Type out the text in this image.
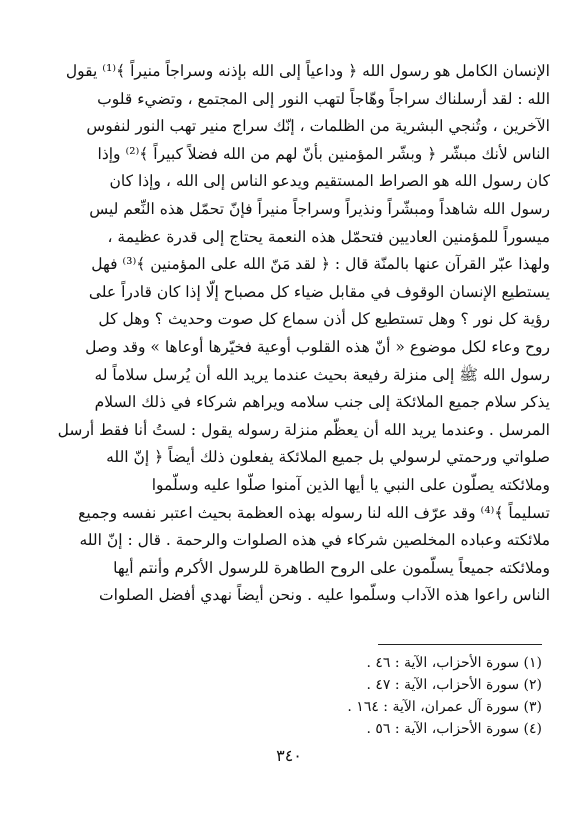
الإنسان الكامل هو رسول الله ﴿ وداعياً إلى الله بإذنه وسراجاً منيراً ﴾⁽¹⁾ يقول
الله : لقد أرسلناك سراجاً وهّاجاً لتهب النور إلى المجتمع ، وتضيء قلوب
الآخرين ، وتُنجي البشرية من الظلمات ، إنّك سراج منير تهب النور لنفوس
الناس لأنك مبشّر ﴿ وبشّر المؤمنين بأنّ لهم من الله فضلاً كبيراً ﴾⁽²⁾ وإذا
كان رسول الله هو الصراط المستقيم ويدعو الناس إلى الله ، وإذا كان
رسول الله شاهداً ومبشّراً ونذيراً وسراجاً منيراً فإنّ تحمّل هذه النِّعم ليس
ميسوراً للمؤمنين العاديين فتحمّل هذه النعمة يحتاج إلى قدرة عظيمة ،
ولهذا عبّر القرآن عنها بالمنّة قال : ﴿ لقد مَنّ الله على المؤمنين ﴾⁽³⁾ فهل
يستطيع الإنسان الوقوف في مقابل ضياء كل مصباح إلّا إذا كان قادراً على
رؤية كل نور ؟ وهل تستطيع كل أذن سماع كل صوت وحديث ؟ وهل كل
روح وعاء لكل موضوع « أنّ هذه القلوب أوعية فخيّرها أوعاها » وقد وصل
رسول الله ﷺ إلى منزلة رفيعة بحيث عندما يريد الله أن يُرسل سلاماً له
يذكر سلام جميع الملائكة إلى جنب سلامه ويراهم شركاء في ذلك السلام
المرسل . وعندما يريد الله أن يعظّم منزلة رسوله يقول : لستُ أنا فقط أرسل
صلواتي ورحمتي لرسولي بل جميع الملائكة يفعلون ذلك أيضاً ﴿ إنّ الله
وملائكته يصلّون على النبي يا أيها الذين آمنوا صلّوا عليه وسلّموا
تسليماً ﴾⁽⁴⁾ وقد عرّف الله لنا رسوله بهذه العظمة بحيث اعتبر نفسه وجميع
ملائكته وعباده المخلصين شركاء في هذه الصلوات والرحمة . قال : إنّ الله
وملائكته جميعاً يسلّمون على الروح الطاهرة للرسول الأكرم وأنتم أيها
الناس راعوا هذه الآداب وسلّموا عليه . ونحن أيضاً نهدي أفضل الصلوات
(١) سورة الأحزاب، الآية : ٤٦ .
(٢) سورة الأحزاب، الآية : ٤٧ .
(٣) سورة آل عمران، الآية : ١٦٤ .
(٤) سورة الأحزاب، الآية : ٥٦ .
٣٤٠
